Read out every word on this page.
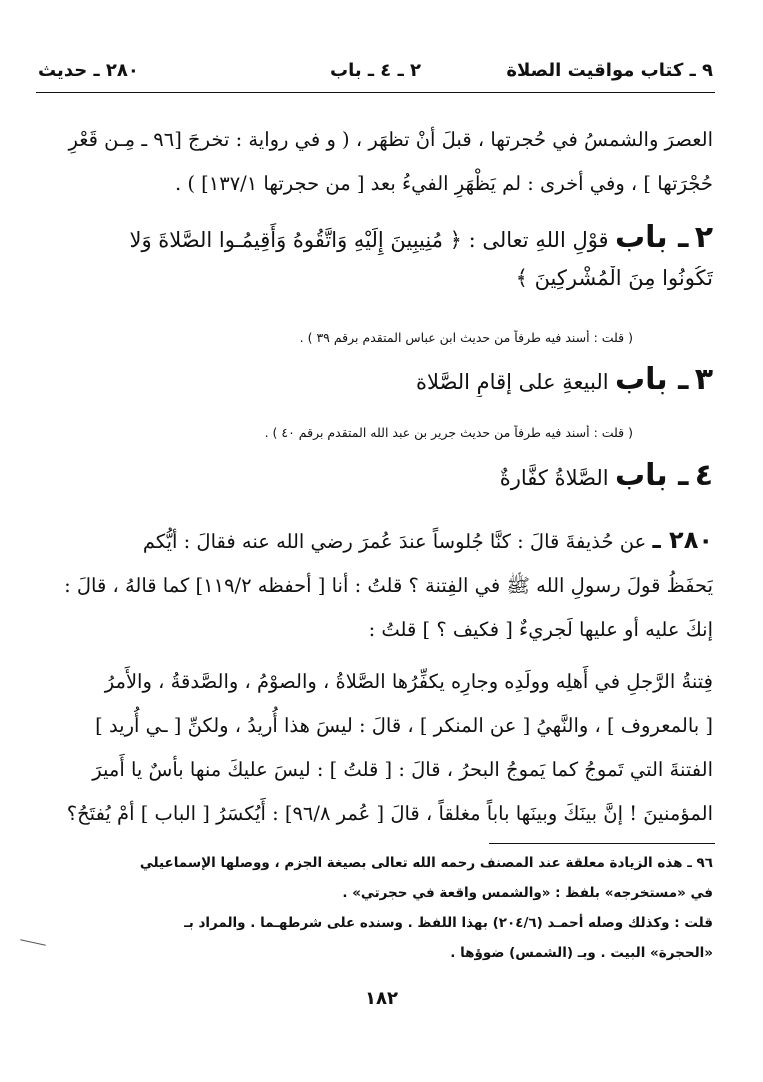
٩ ـ كتاب مواقيت الصلاة
٢ ـ ٤ ـ باب
٢٨٠ ـ حديث
العصرَ والشمسُ في حُجرتها ، قبلَ أنْ تظهَر ، ( و في رواية : تخرجَ [٩٦ ـ مِـن قَعْرِ
حُجْرَتها ] ، وفي أخرى : لم يَظْهَرِ الفيءُ بعد [ من حجرتها ١٣٧/١] ) .
٢ ـ باب قوْلِ اللهِ تعالى : ﴿ مُنِيبِينَ إِلَيْهِ وَاتَّقُوهُ وَأَقِيمُـوا الصَّلاةَ وَلا
تَكُونُوا مِنَ الْمُشْرِكِينَ ﴾
( قلت : أسند فيه طرفاً من حديث ابن عباس المتقدم برقم ٣٩ ) .
٣ ـ باب البيعةِ على إقامِ الصَّلاة
( قلت : أسند فيه طرفاً من حديث جرير بن عبد الله المتقدم برقم ٤٠ ) .
٤ ـ باب الصَّلاةُ كفَّارةٌ
٢٨٠ ـ عن حُذيفةَ قالَ : كنَّا جُلوساً عندَ عُمرَ رضي الله عنه فقالَ : أيُّكم
يَحفَظُ قولَ رسولِ الله ﷺ في الفِتنة ؟ قلتُ : أنا [ أحفظه ١١٩/٢] كما قالهُ ، قالَ :
إنكَ عليه أو عليها لَجريءٌ [ فكيف ؟ ] قلتُ :
فِتنةُ الرَّجلِ في أَهلِه وولَدِه وجارِه يكفِّرُها الصَّلاةُ ، والصوْمُ ، والصَّدقةُ ، والأَمرُ
[ بالمعروف ] ، والنَّهيُ [ عن المنكر ] ، قالَ : ليسَ هذا أُريدُ ، ولكنِّ [ ـي أُريد ]
الفتنةَ التي تَموجُ كما يَموجُ البحرُ ، قالَ : [ قلتُ ] : ليسَ عليكَ منها بأسٌ يا أَميرَ
المؤمنينَ ! إنَّ بينَكَ وبينَها باباً مغلقاً ، قالَ [ عُمر ٩٦/٨] : أَيُكسَرُ [ الباب ] أمْ يُفتَحُ؟
٩٦ ـ هذه الزيادة معلقة عند المصنف رحمه الله تعالى بصيغة الجزم ، ووصلها الإسماعيلي
في «مستخرجه» بلفظ : «والشمس واقعة في حجرتي» .
قلت : وكذلك وصله أحمـد (٢٠٤/٦) بهذا اللفظ . وسنده على شرطهـما . والمراد بـ
«الحجرة» البيت . وبـ (الشمس) ضوؤها .
١٨٢
